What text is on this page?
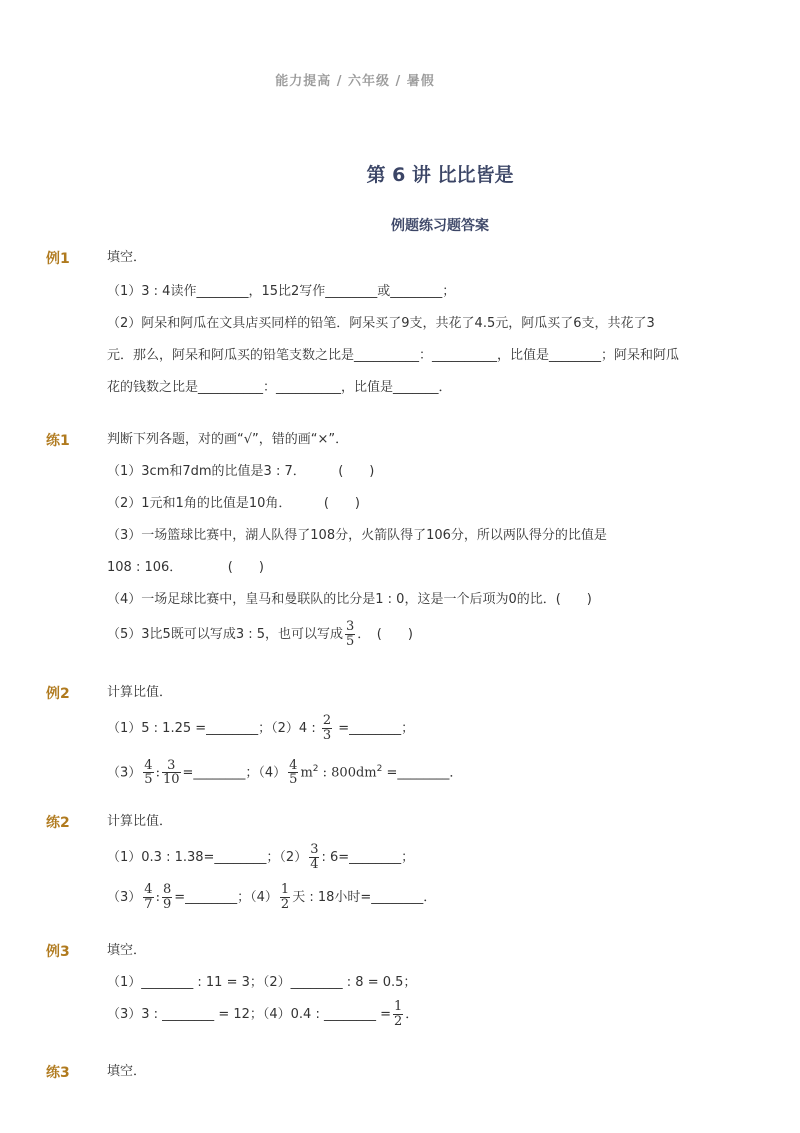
能力提高 / 六年级 / 暑假
第 6 讲 比比皆是
例题练习题答案
例1	填空．

（1）3 : 4读作________，15比2写作________或________；

（2）阿呆和阿瓜在文具店买同样的铅笔．阿呆买了9支，共花了4.5元，阿瓜买了6支，共花了3

元．那么，阿呆和阿瓜买的铅笔支数之比是__________：__________，比值是________；阿呆和阿瓜

花的钱数之比是__________：__________，比值是_______．

练1	判断下列各题，对的画“√”，错的画“×”．

（1）3cm和7dm的比值是3 : 7．　　　(　　)

（2）1元和1角的比值是10角．　　　(　　)

（3）一场篮球比赛中，湖人队得了108分，火箭队得了106分，所以两队得分的比值是

108 : 106．　　　　(　　)

（4）一场足球比赛中，皇马和曼联队的比分是1 : 0，这是一个后项为0的比．(　　)

（5）3比5既可以写成3 : 5，也可以写成 $\frac{3}{5}$ ．　(　　)

例2	计算比值．

（1）5 : 1.25 =________；（2）4 : $\frac{2}{3}$ =________；

$(3) \frac{4}{5}$ : $\frac{3}{10}$ =________；$(4) \frac{4}{5} m^2$ : $800dm^2$ =________．

练2	计算比值．

（1）0.3 : 1.38=________；$(2) \frac{3}{4}$ : 6=________；

$(3) \frac{4}{7}$ : $\frac{8}{9}$ =________；$(4) \frac{1}{2}$ 天 : 18小时=________．

例3	填空．

（1）________ : 11 = 3；（2）________ : 8 = 0.5；

（3）3 : ________ = 12；（4）0.4 : ________ = $\frac{1}{2}$ ．

练3	填空．
